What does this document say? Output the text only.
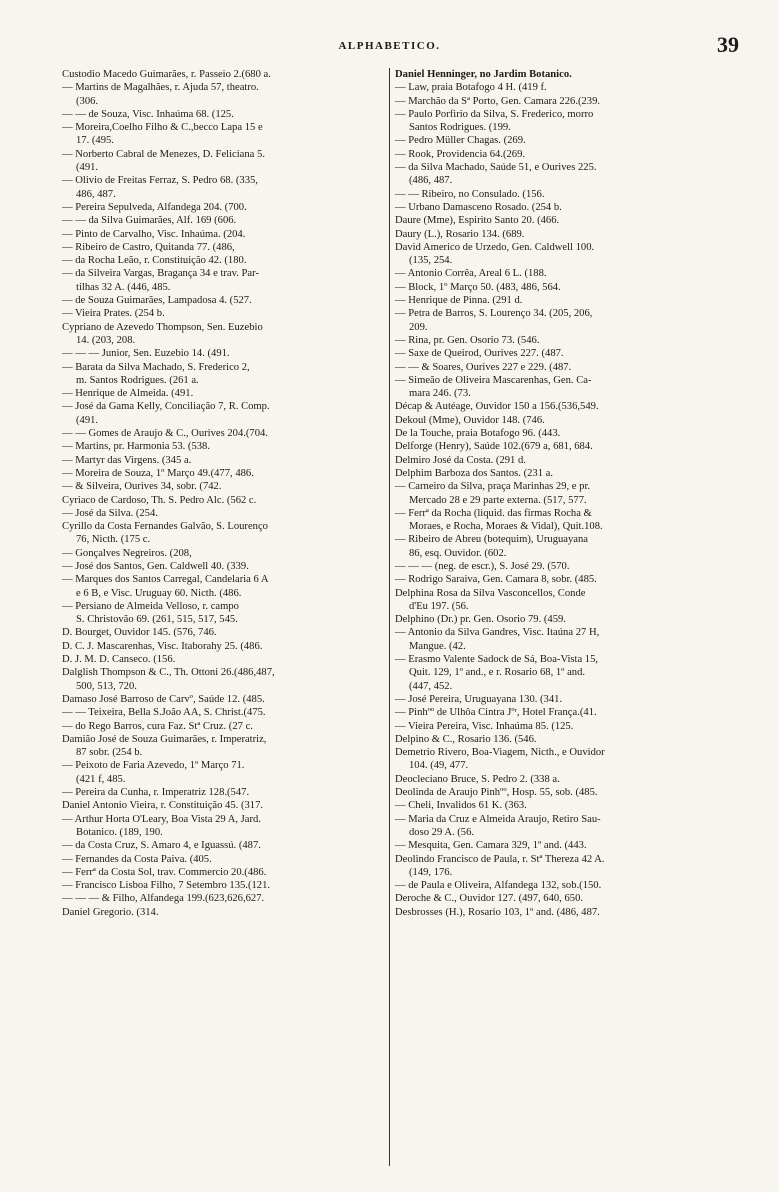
ALPHABETICO.	39

Custodio Macedo Guimarães, r. Passeio 2.(680 a.

— Martins de Magalhães, r. Ajuda 57, theatro.

(306.

— — de Souza, Visc. Inhaúma 68. (125.

— Moreira,Coelho Filho & C.,becco Lapa 15 e

17. (495.

— Norberto Cabral de Menezes, D. Feliciana 5.

(491.

— Olivio de Freitas Ferraz, S. Pedro 68. (335,

486, 487.

— Pereira Sepulveda, Alfandega 204. (700.

— — da Silva Guimarães, Alf. 169 (606.

— Pinto de Carvalho, Visc. Inhaúma. (204.

— Ribeiro de Castro, Quitanda 77. (486,

— da Rocha Leão, r. Constituição 42. (180.

— da Silveira Vargas, Bragança 34 e trav. Par-

tilhas 32 A. (446, 485.

— de Souza Guimarães, Lampadosa 4. (527.

— Vieira Prates. (254 b.

Cypriano de Azevedo Thompson, Sen. Euzebio

14. (203, 208.

— — — Junior, Sen. Euzebio 14. (491.

— Barata da Silva Machado, S. Frederico 2,

m. Santos Rodrigues. (261 a.

— Henrique de Almeida. (491.

— José da Gama Kelly, Conciliação 7, R. Comp.

(491.

— — Gomes de Araujo & C., Ourives 204.(704.

— Martins, pr. Harmonia 53. (538.

— Martyr das Virgens. (345 a.

— Moreira de Souza, 1º Março 49.(477, 486.

— & Silveira, Ourives 34, sobr. (742.

Cyriaco de Cardoso, Th. S. Pedro Alc. (562 c.

— José da Silva. (254.

Cyrillo da Costa Fernandes Galvão, S. Lourenço

76, Nicth. (175 c.

— Gonçalves Negreiros. (208,

— José dos Santos, Gen. Caldwell 40. (339.

— Marques dos Santos Carregal, Candelaria 6 A

e 6 B, e Visc. Uruguay 60. Nicth. (486.

— Persiano de Almeida Velloso, r. campo

S. Christovão 69. (261, 515, 517, 545.

D. Bourget, Ouvidor 145. (576, 746.

D. C. J. Mascarenhas, Visc. Itaborahy 25. (486.

D. J. M. D. Canseco. (156.

Dalglish Thompson & C., Th. Ottoni 26.(486,487,

500, 513, 720.

Damaso José Barroso de Carvº, Saúde 12. (485.

— — Teixeira, Bella S.João AA, S. Christ.(475.

— do Rego Barros, cura Faz. Stª Cruz. (27 c.

Damião José de Souza Guimarães, r. Imperatriz,

87 sobr. (254 b.

— Peixoto de Faria Azevedo, 1º Março 71.

(421 f, 485.

— Pereira da Cunha, r. Imperatriz 128.(547.

Daniel Antonio Vieira, r. Constituição 45. (317.

— Arthur Horta O'Leary, Boa Vista 29 A, Jard.

Botanico. (189, 190.

— da Costa Cruz, S. Amaro 4, e Iguassú. (487.

— Fernandes da Costa Paiva. (405.

— Ferrª da Costa Sol, trav. Commercio 20.(486.

— Francisco Lisboa Filho, 7 Setembro 135.(121.

— — — & Filho, Alfandega 199.(623,626,627.

Daniel Gregorio. (314.

Daniel Henninger, no Jardim Botanico.

— Law, praia Botafogo 4 H. (419 f.

— Marchão da Sª Porto, Gen. Camara 226.(239.

— Paulo Porfirio da Silva, S. Frederico, morro

Santos Rodrigues. (199.

— Pedro Müller Chagas. (269.

— Rook, Providencia 64.(269.

— da Silva Machado, Saúde 51, e Ourives 225.

(486, 487.

— — Ribeiro, no Consulado. (156.

— Urbano Damasceno Rosado. (254 b.

Daure (Mme), Espirito Santo 20. (466.

Daury (L.), Rosario 134. (689.

David Americo de Urzedo, Gen. Caldwell 100.

(135, 254.

— Antonio Corrêa, Areal 6 L. (188.

— Block, 1º Março 50. (483, 486, 564.

— Henrique de Pinna. (291 d.

— Petra de Barros, S. Lourenço 34. (205, 206,

209.

— Rina, pr. Gen. Osorio 73. (546.

— Saxe de Queirod, Ourives 227. (487.

— — & Soares, Ourives 227 e 229. (487.

— Simeão de Oliveira Mascarenhas, Gen. Ca-

mara 246. (73.

Décap & Autéage, Ouvidor 150 a 156.(536,549.

Dekoul (Mme), Ouvidor 148. (746.

De la Touche, praia Botafogo 96. (443.

Delforge (Henry), Saúde 102.(679 a, 681, 684.

Delmiro José da Costa. (291 d.

Delphim Barboza dos Santos. (231 a.

— Carneiro da Silva, praça Marinhas 29, e pr.

Mercado 28 e 29 parte externa. (517, 577.

— Ferrª da Rocha (liquid. das firmas Rocha &

Moraes, e Rocha, Moraes & Vidal), Quit.108.

— Ribeiro de Abreu (botequim), Uruguayana

86, esq. Ouvidor. (602.

— — — (neg. de escr.), S. José 29. (570.

— Rodrigo Saraiva, Gen. Camara 8, sobr. (485.

Delphina Rosa da Silva Vasconcellos, Conde

d'Eu 197. (56.

Delphino (Dr.) pr. Gen. Osorio 79. (459.

— Antonio da Silva Gandres, Visc. Itaúna 27 H,

Mangue. (42.

— Erasmo Valente Sadock de Sá, Boa-Vista 15,

Quit. 129, 1º and., e r. Rosario 68, 1º and.

(447, 452.

— José Pereira, Uruguayana 130. (341.

— Pinhºº de Ulhôa Cintra Jºʳ, Hotel França.(41.

— Vieira Pereira, Visc. Inhaúma 85. (125.

Delpino & C., Rosario 136. (546.

Demetrio Rivero, Boa-Viagem, Nicth., e Ouvidor

104. (49, 477.

Deocleciano Bruce, S. Pedro 2. (338 a.

Deolinda de Araujo Pinhºº, Hosp. 55, sob. (485.

— Cheli, Invalidos 61 K. (363.

— Maria da Cruz e Almeida Araujo, Retiro Sau-

doso 29 A. (56.

— Mesquita, Gen. Camara 329, 1º and. (443.

Deolindo Francisco de Paula, r. Stª Thereza 42 A.

(149, 176.

— de Paula e Oliveira, Alfandega 132, sob.(150.

Deroche & C., Ouvidor 127. (497, 640, 650.

Desbrosses (H.), Rosario 103, 1º and. (486, 487.
